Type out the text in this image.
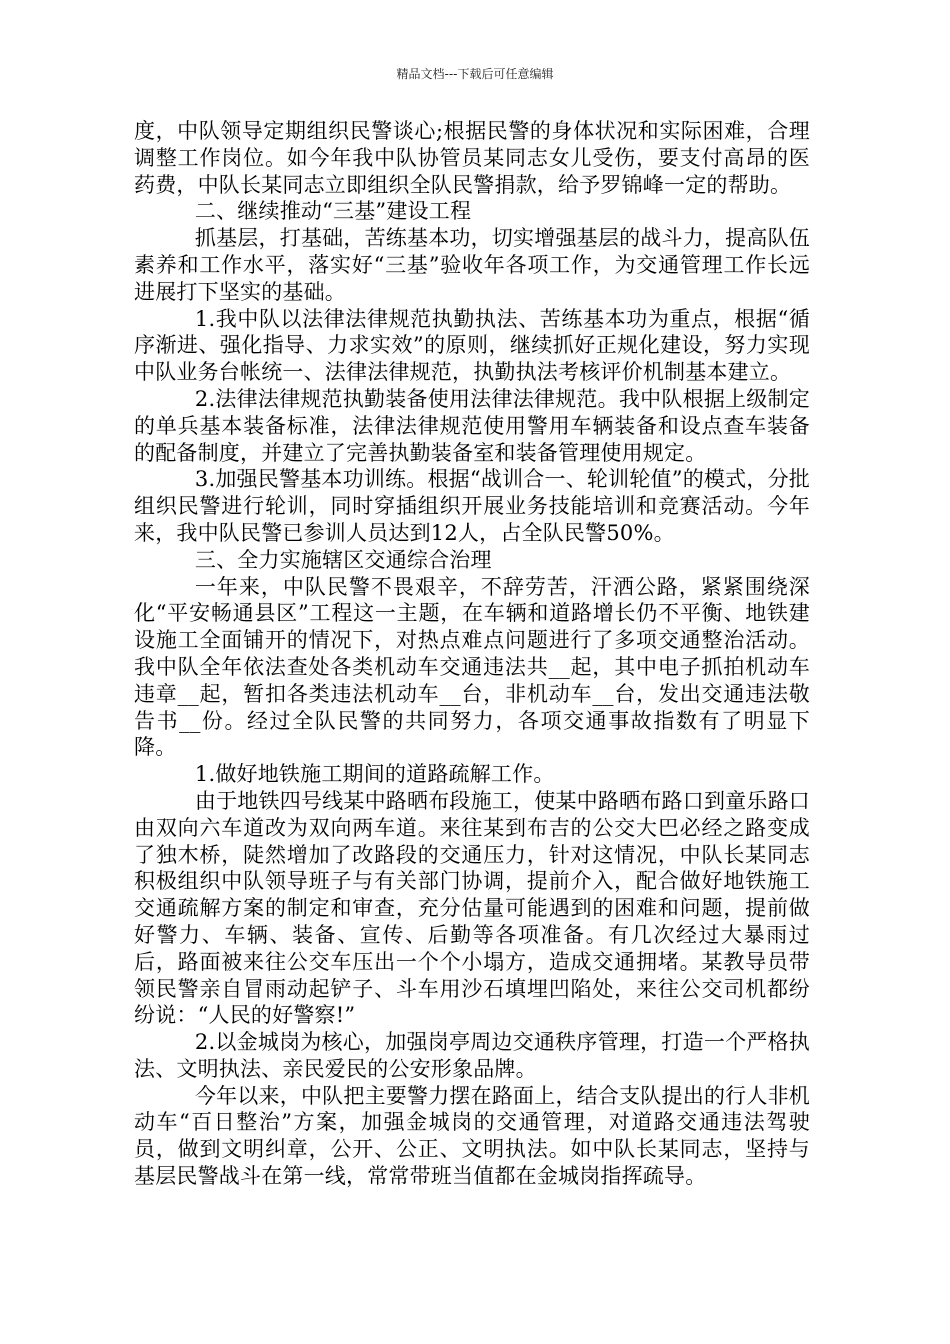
精品文档---下载后可任意编辑

度，中队领导定期组织民警谈心;根据民警的身体状况和实际困难，合理调整工作岗位。如今年我中队协管员某同志女儿受伤，要支付高昂的医药费，中队长某同志立即组织全队民警捐款，给予罗锦峰一定的帮助。

二、继续推动“三基”建设工程

抓基层，打基础，苦练基本功，切实增强基层的战斗力，提高队伍素养和工作水平，落实好“三基”验收年各项工作，为交通管理工作长远进展打下坚实的基础。

1.我中队以法律法律规范执勤执法、苦练基本功为重点，根据“循序渐进、强化指导、力求实效”的原则，继续抓好正规化建设，努力实现中队业务台帐统一、法律法律规范，执勤执法考核评价机制基本建立。

2.法律法律规范执勤装备使用法律法律规范。我中队根据上级制定的单兵基本装备标准，法律法律规范使用警用车辆装备和设点查车装备的配备制度，并建立了完善执勤装备室和装备管理使用规定。

3.加强民警基本功训练。根据“战训合一、轮训轮值”的模式，分批组织民警进行轮训，同时穿插组织开展业务技能培训和竞赛活动。今年来，我中队民警已参训人员达到12人，占全队民警50%。

三、全力实施辖区交通综合治理

一年来，中队民警不畏艰辛，不辞劳苦，汗洒公路，紧紧围绕深化“平安畅通县区”工程这一主题，在车辆和道路增长仍不平衡、地铁建设施工全面铺开的情况下，对热点难点问题进行了多项交通整治活动。我中队全年依法查处各类机动车交通违法共__起，其中电子抓拍机动车违章__起，暂扣各类违法机动车__台，非机动车__台，发出交通违法敬告书__份。经过全队民警的共同努力，各项交通事故指数有了明显下降。

1.做好地铁施工期间的道路疏解工作。

由于地铁四号线某中路晒布段施工，使某中路晒布路口到童乐路口由双向六车道改为双向两车道。来往某到布吉的公交大巴必经之路变成了独木桥，陡然增加了改路段的交通压力，针对这情况，中队长某同志积极组织中队领导班子与有关部门协调，提前介入，配合做好地铁施工交通疏解方案的制定和审查，充分估量可能遇到的困难和问题，提前做好警力、车辆、装备、宣传、后勤等各项准备。有几次经过大暴雨过后，路面被来往公交车压出一个个小塌方，造成交通拥堵。某教导员带领民警亲自冒雨动起铲子、斗车用沙石填埋凹陷处，来往公交司机都纷纷说：“人民的好警察!”

2.以金城岗为核心，加强岗亭周边交通秩序管理，打造一个严格执法、文明执法、亲民爱民的公安形象品牌。

今年以来，中队把主要警力摆在路面上，结合支队提出的行人非机动车“百日整治”方案，加强金城岗的交通管理，对道路交通违法驾驶员，做到文明纠章，公开、公正、文明执法。如中队长某同志，坚持与基层民警战斗在第一线，常常带班当值都在金城岗指挥疏导。
